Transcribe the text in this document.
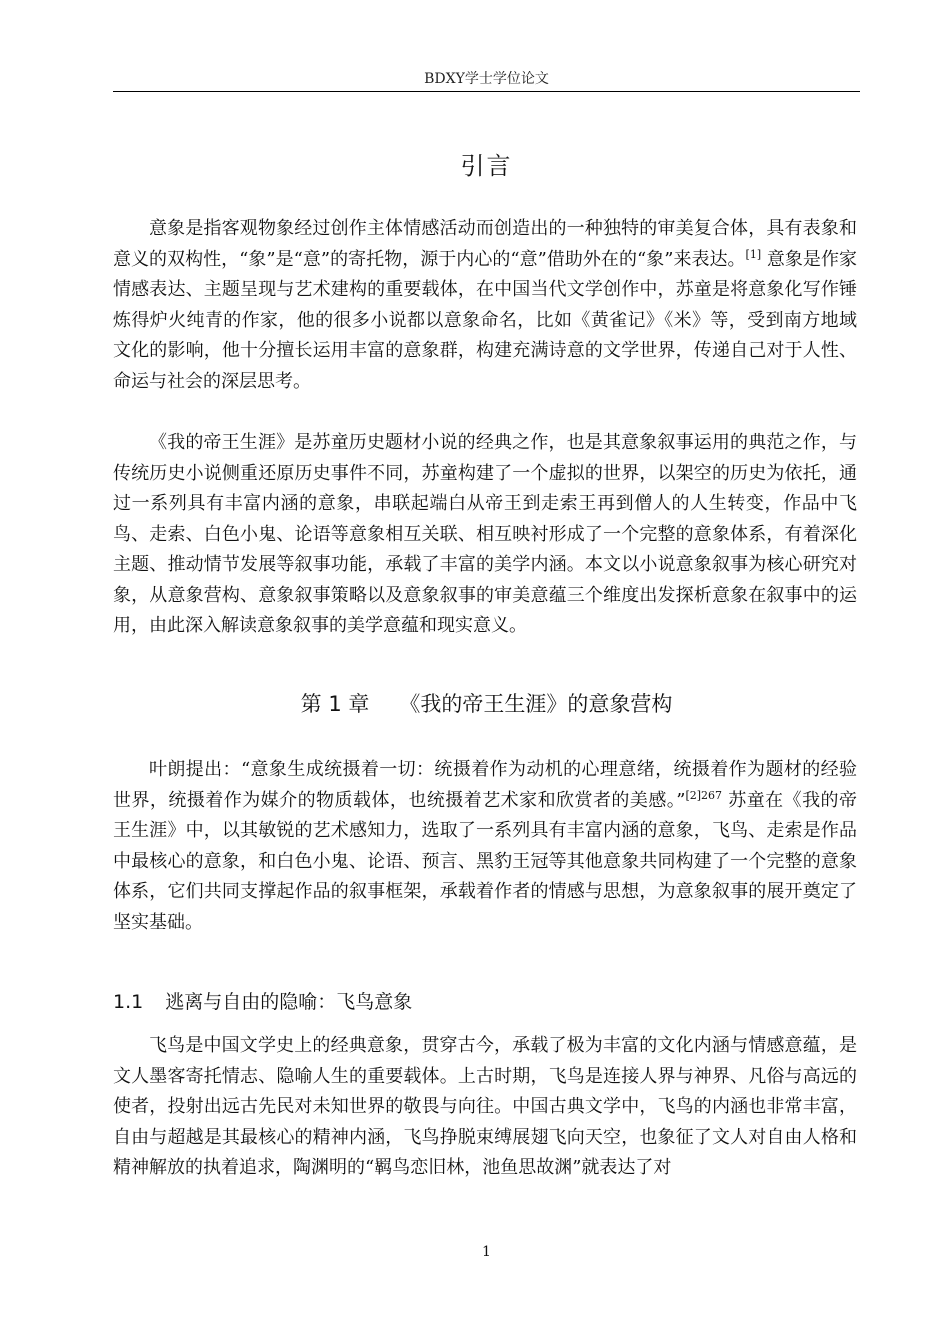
BDXY学士学位论文
引言

意象是指客观物象经过创作主体情感活动而创造出的一种独特的审美复合体，具有表象和意义的双构性，“象”是“意”的寄托物，源于内心的“意”借助外在的“象”来表达。[1] 意象是作家情感表达、主题呈现与艺术建构的重要载体，在中国当代文学创作中，苏童是将意象化写作锤炼得炉火纯青的作家，他的很多小说都以意象命名，比如《黄雀记》《米》等，受到南方地域文化的影响，他十分擅长运用丰富的意象群，构建充满诗意的文学世界，传递自己对于人性、命运与社会的深层思考。

《我的帝王生涯》是苏童历史题材小说的经典之作，也是其意象叙事运用的典范之作，与传统历史小说侧重还原历史事件不同，苏童构建了一个虚拟的世界，以架空的历史为依托，通过一系列具有丰富内涵的意象，串联起端白从帝王到走索王再到僧人的人生转变，作品中飞鸟、走索、白色小鬼、论语等意象相互关联、相互映衬形成了一个完整的意象体系，有着深化主题、推动情节发展等叙事功能，承载了丰富的美学内涵。本文以小说意象叙事为核心研究对象，从意象营构、意象叙事策略以及意象叙事的审美意蕴三个维度出发探析意象在叙事中的运用，由此深入解读意象叙事的美学意蕴和现实意义。

第 1 章 《我的帝王生涯》的意象营构

叶朗提出：“意象生成统摄着一切：统摄着作为动机的心理意绪，统摄着作为题材的经验世界，统摄着作为媒介的物质载体，也统摄着艺术家和欣赏者的美感。”$^{[2]267}$ 苏童在《我的帝王生涯》中，以其敏锐的艺术感知力，选取了一系列具有丰富内涵的意象，飞鸟、走索是作品中最核心的意象，和白色小鬼、论语、预言、黑豹王冠等其他意象共同构建了一个完整的意象体系，它们共同支撑起作品的叙事框架，承载着作者的情感与思想，为意象叙事的展开奠定了坚实基础。

1.1 逃离与自由的隐喻：飞鸟意象

飞鸟是中国文学史上的经典意象，贯穿古今，承载了极为丰富的文化内涵与情感意蕴，是文人墨客寄托情志、隐喻人生的重要载体。上古时期，飞鸟是连接人界与神界、凡俗与高远的使者，投射出远古先民对未知世界的敬畏与向往。中国古典文学中，飞鸟的内涵也非常丰富，自由与超越是其最核心的精神内涵，飞鸟挣脱束缚展翅飞向天空，也象征了文人对自由人格和精神解放的执着追求，陶渊明的“羁鸟恋旧林，池鱼思故渊”就表达了对

1
